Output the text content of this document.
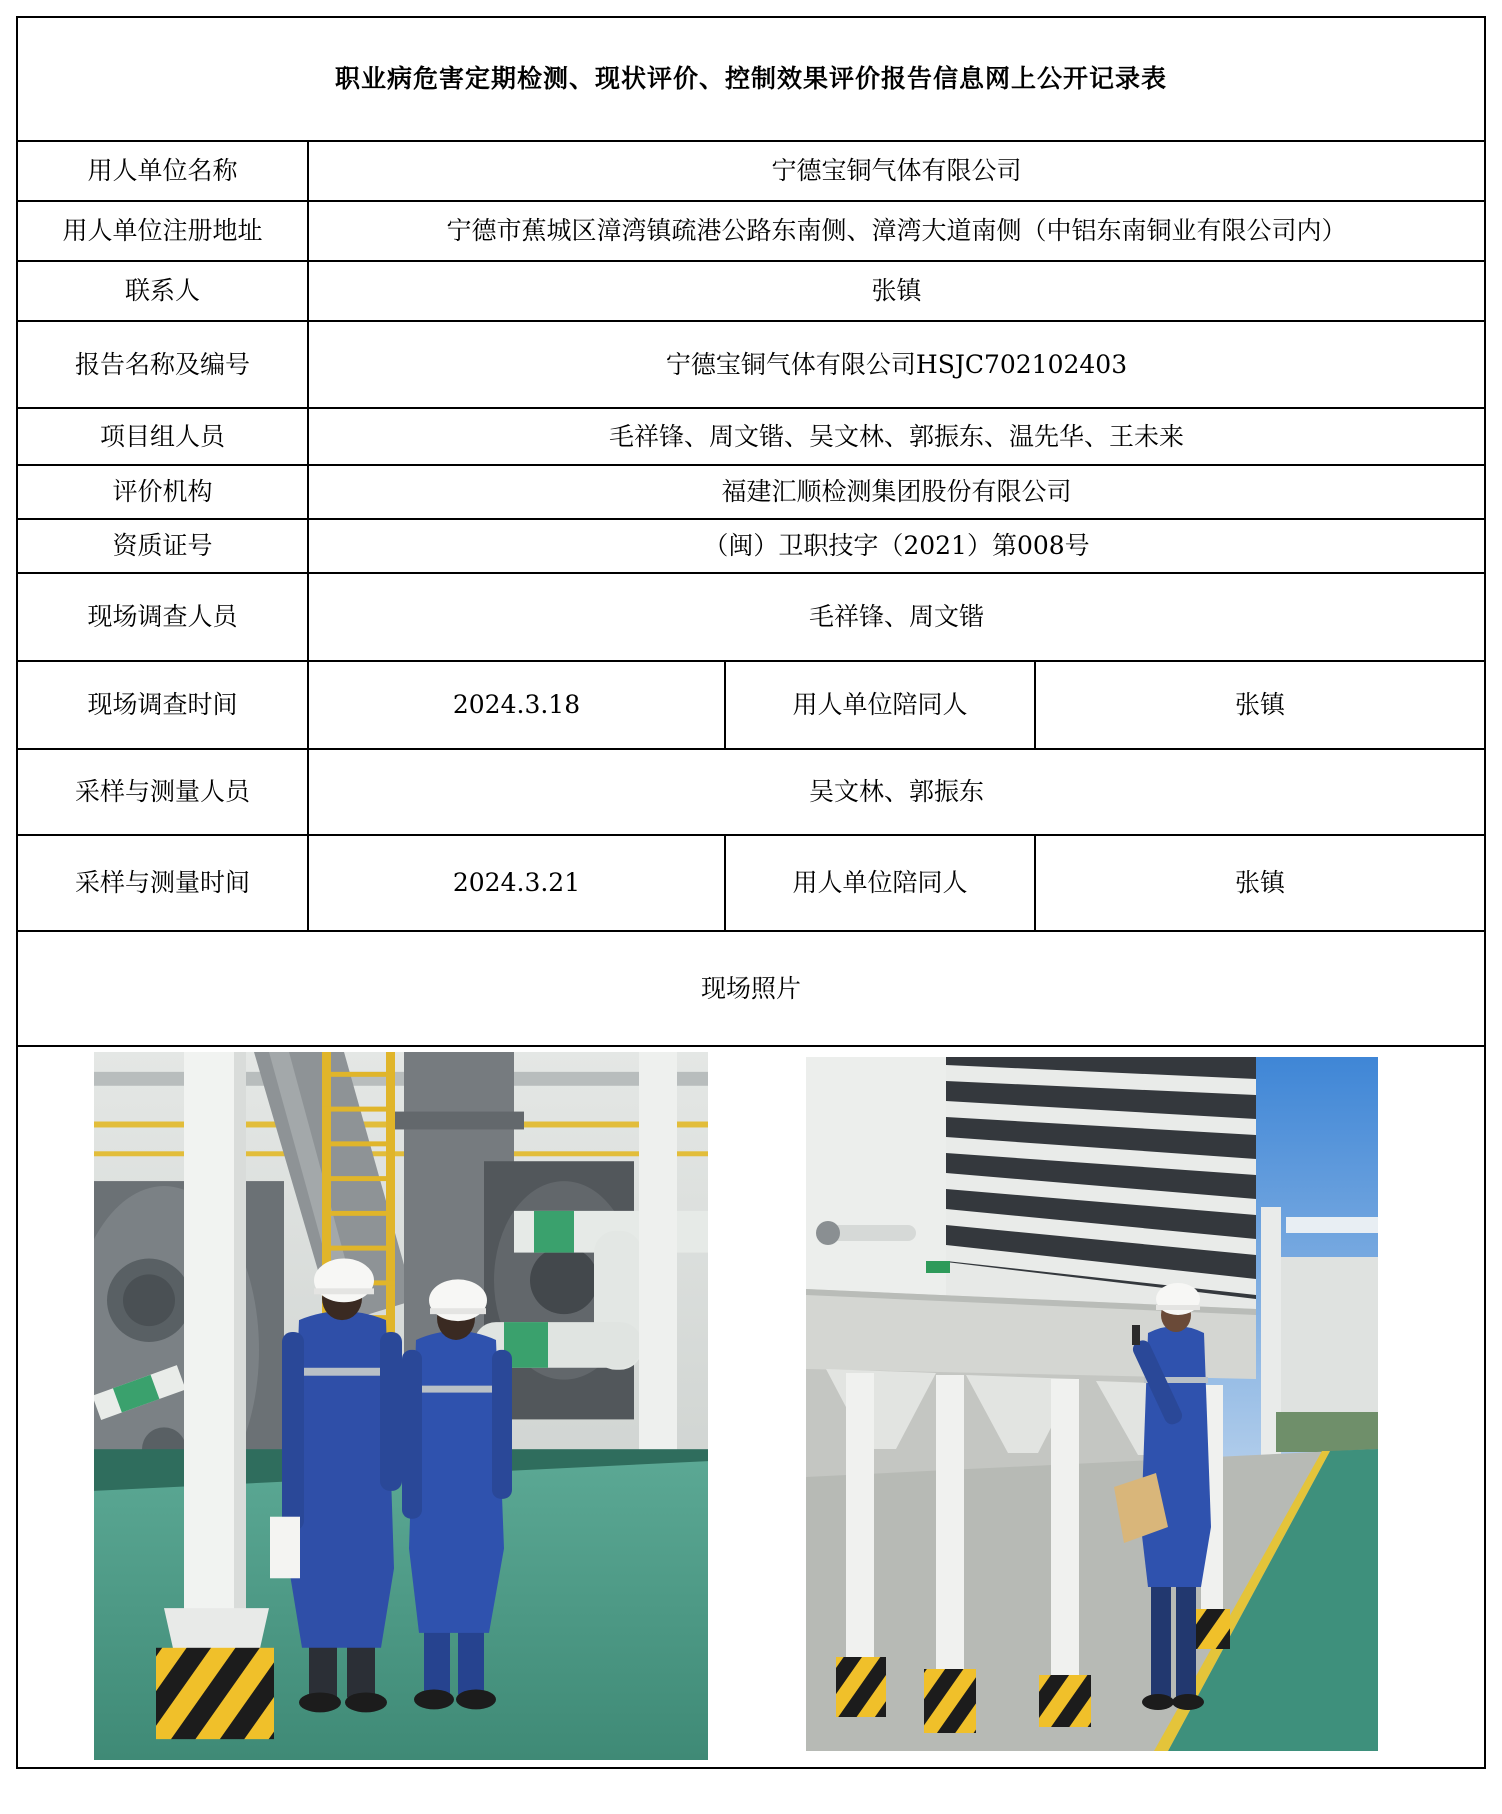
职业病危害定期检测、现状评价、控制效果评价报告信息网上公开记录表			
用人单位名称	宁德宝铜气体有限公司		
用人单位注册地址	宁德市蕉城区漳湾镇疏港公路东南侧、漳湾大道南侧（中铝东南铜业有限公司内）		
联系人	张镇		
报告名称及编号	宁德宝铜气体有限公司HSJC702102403		
项目组人员	毛祥锋、周文锴、吴文林、郭振东、温先华、王未来		
评价机构	福建汇顺检测集团股份有限公司		
资质证号	（闽）卫职技字（2021）第008号		
现场调查人员	毛祥锋、周文锴		
现场调查时间	2024.3.18	用人单位陪同人	张镇
采样与测量人员	吴文林、郭振东		
采样与测量时间	2024.3.21	用人单位陪同人	张镇
现场照片			
